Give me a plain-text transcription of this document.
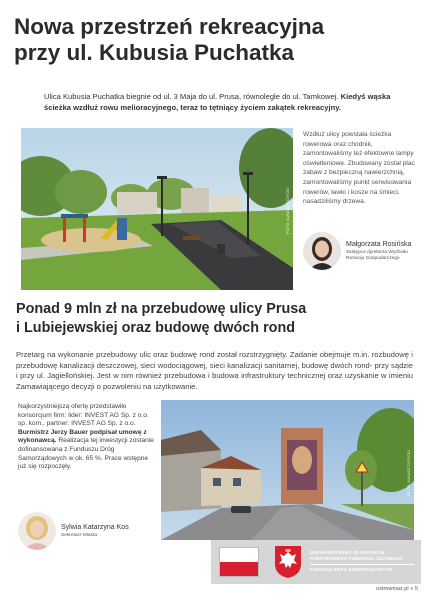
Nowa przestrzeń rekreacyjna
przy ul. Kubusia Puchatka

Ulica Kubusia Puchatka biegnie od ul. 3 Maja do ul. Prusa, równolegle do ul. Tamkowej. Kiedyś wąska ścieżka wzdłuż rowu melioracyjnego, teraz to tętniący życiem zakątek rekreacyjny.

FOTO: ŁUKASZ GIŻYCKI

Wzdłuż ulicy powstała ścieżka rowerowa oraz chodnik, zamontowaliśmy też efektowne lampy oświetleniowe. Zbudowany został plac zabaw z bezpieczną nawierzchnią, zamontowaliśmy punkt serwisowania rowerów, ławki i kosze na śmieci, nasadziliśmy drzewa.

Małgorzata Rosińska
Zastępca dyrektora Wydziału
Rozwoju Gospodarczego
Ponad 9 mln zł na przebudowę ulicy Prusa
i Lubiejewskiej oraz budowę dwóch rond

Przetarg na wykonanie przebudowy ulic oraz budowę rond został rozstrzygnięty. Zadanie obejmuje m.in. rozbudowę i przebudowę kanalizacji deszczowej, sieci wodociągowej, sieci kanalizacji sanitarnej, budowę dwóch rond- przy sądzie i przy ul. Jagiellońskiej. Jest w nim również przebudowa i budowa infrastruktury technicznej oraz uzyskanie w imieniu Zamawiającego decyzji o pozwoleniu na użytkowanie.

Najkorzystniejszą ofertę przedstawiło konsorcjum firm: lider: INVEST AG Sp. z o.o. sp. kom., partner: INVEST AG Sp. z o.o. Burmistrz Jerzy Bauer podpisał umowę z wykonawcą. Realizacja tej inwestycji zostanie dofinansowana z Funduszu Dróg Samorządowych w ok. 65 %. Prace wstępne już się rozpoczęły.	FOTO: ŁUKASZ GIŻYCKI
Sylwia Katarzyna Kos
Sekretarz Miasta
DOFINANSOWANO ZE ŚRODKÓW
PAŃSTWOWEGO FUNDUSZU CELOWEGO
FUNDUSZ DRÓG SAMORZĄDOWYCH
ostrowmaz.pl ● 5
